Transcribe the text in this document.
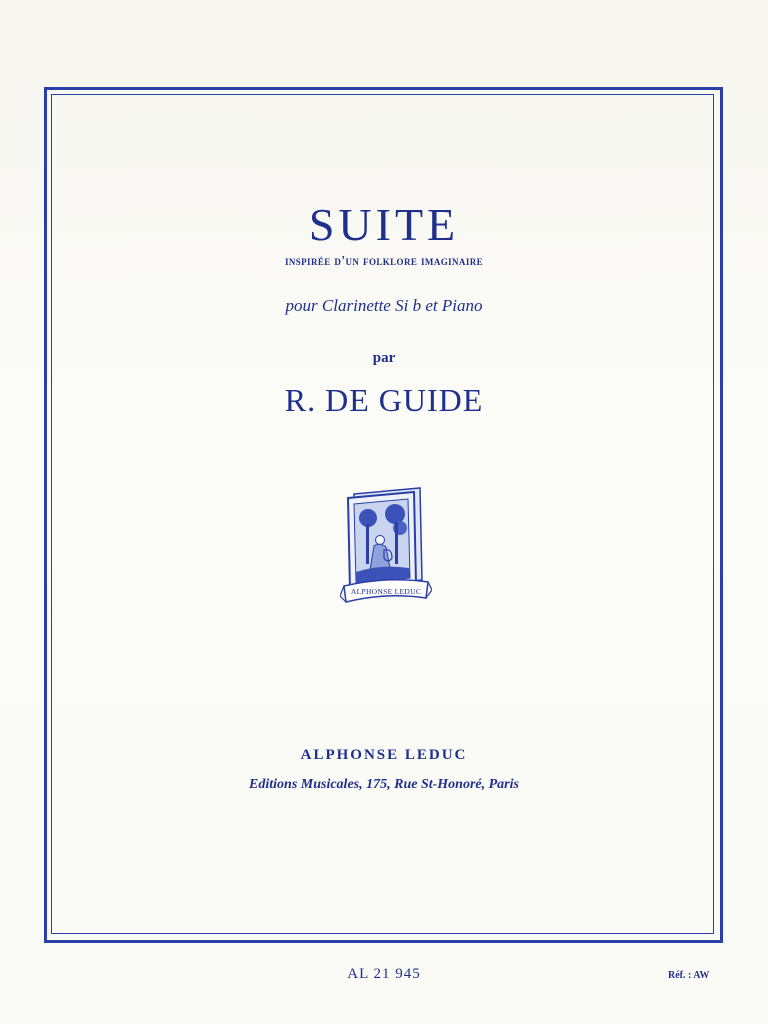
SUITE
inspirée d'un folklore imaginaire
pour Clarinette Si b et Piano
par
R. DE GUIDE
ALPHONSE LEDUC
ALPHONSE LEDUC
Editions Musicales, 175, Rue St-Honoré, Paris
AL 21 945	Réf. : AW
